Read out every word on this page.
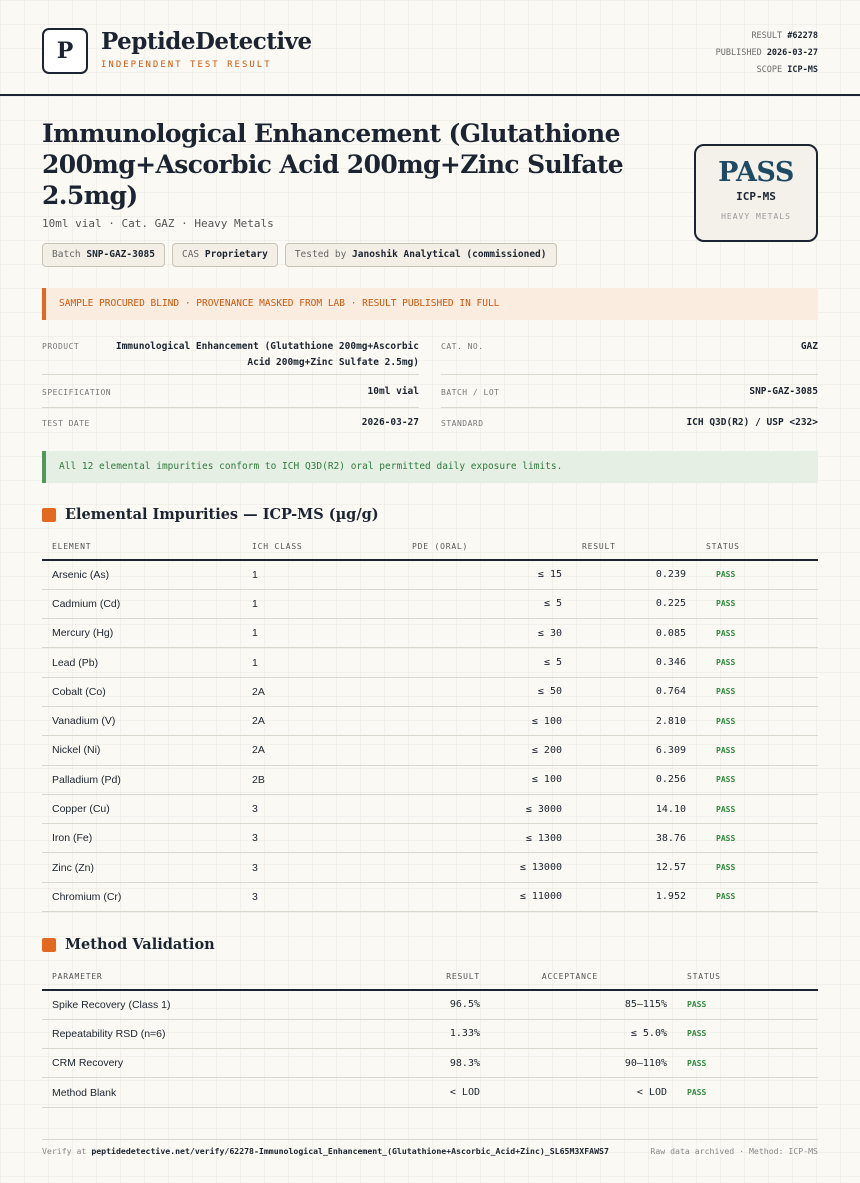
P	PeptideDetective
INDEPENDENT TEST RESULT
RESULT #62278
PUBLISHED 2026-03-27
SCOPE ICP-MS
Immunological Enhancement (Glutathione 200mg+Ascorbic Acid 200mg+Zinc Sulfate 2.5mg)
10ml vial · Cat. GAZ · Heavy Metals
Batch SNP-GAZ-3085	CAS Proprietary	Tested by Janoshik Analytical (commissioned)
PASS
ICP-MS
HEAVY METALS
SAMPLE PROCURED BLIND · PROVENANCE MASKED FROM LAB · RESULT PUBLISHED IN FULL
PRODUCT	Immunological Enhancement (Glutathione 200mg+Ascorbic Acid 200mg+Zinc Sulfate 2.5mg)
SPECIFICATION	10ml vial
TEST DATE	2026-03-27
CAT. NO.	GAZ
BATCH / LOT	SNP-GAZ-3085
STANDARD	ICH Q3D(R2) / USP <232>
All 12 elemental impurities conform to ICH Q3D(R2) oral permitted daily exposure limits.
Elemental Impurities — ICP-MS (µg/g)
ELEMENT	ICH CLASS	PDE (ORAL)	RESULT	STATUS
Arsenic (As)	1	≤ 15	0.239	PASS
Cadmium (Cd)	1	≤ 5	0.225	PASS
Mercury (Hg)	1	≤ 30	0.085	PASS
Lead (Pb)	1	≤ 5	0.346	PASS
Cobalt (Co)	2A	≤ 50	0.764	PASS
Vanadium (V)	2A	≤ 100	2.810	PASS
Nickel (Ni)	2A	≤ 200	6.309	PASS
Palladium (Pd)	2B	≤ 100	0.256	PASS
Copper (Cu)	3	≤ 3000	14.10	PASS
Iron (Fe)	3	≤ 1300	38.76	PASS
Zinc (Zn)	3	≤ 13000	12.57	PASS
Chromium (Cr)	3	≤ 11000	1.952	PASS
Method Validation
PARAMETER	RESULT	ACCEPTANCE	STATUS
Spike Recovery (Class 1)	96.5%	85–115%	PASS
Repeatability RSD (n=6)	1.33%	≤ 5.0%	PASS
CRM Recovery	98.3%	90–110%	PASS
Method Blank	< LOD	< LOD	PASS
Verify at peptidedetective.net/verify/62278-Immunological_Enhancement_(Glutathione+Ascorbic_Acid+Zinc)_SL65M3XFAWS7	Raw data archived · Method: ICP-MS
